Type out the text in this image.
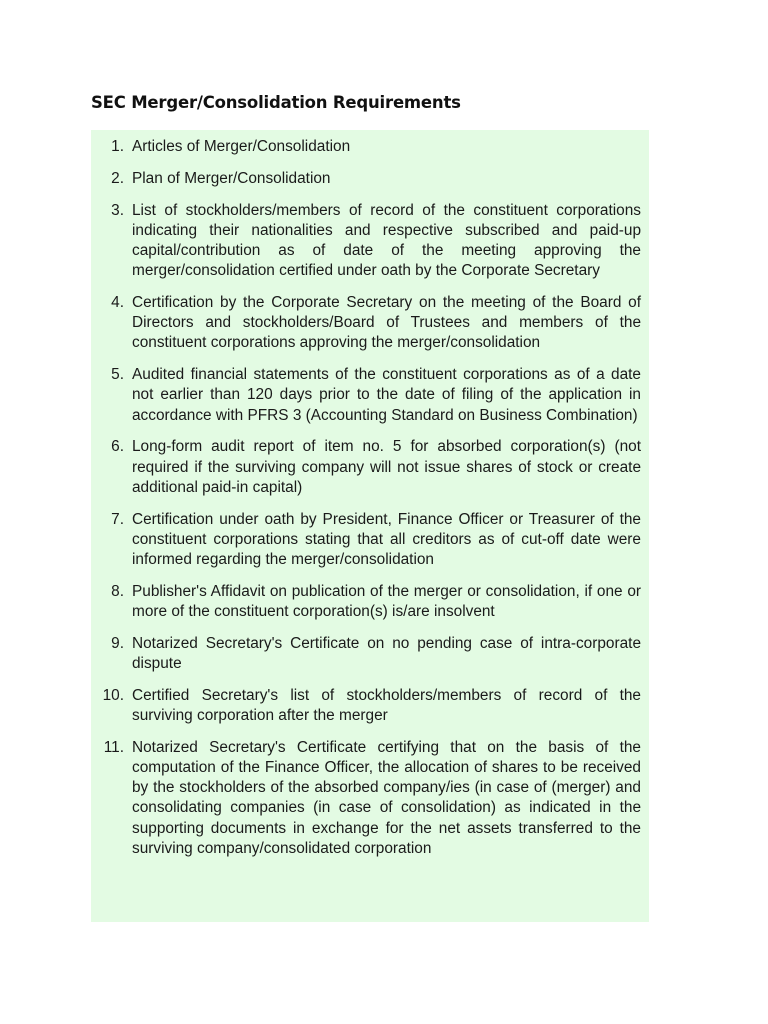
SEC Merger/Consolidation Requirements
1. Articles of Merger/Consolidation
2. Plan of Merger/Consolidation
3. List of stockholders/members of record of the constituent corporations indicating their nationalities and respective subscribed and paid-up capital/contribution as of date of the meeting approving the merger/consolidation certified under oath by the Corporate Secretary
4. Certification by the Corporate Secretary on the meeting of the Board of Directors and stockholders/Board of Trustees and members of the constituent corporations approving the merger/consolidation
5. Audited financial statements of the constituent corporations as of a date not earlier than 120 days prior to the date of filing of the application in accordance with PFRS 3 (Accounting Standard on Business Combination)
6. Long-form audit report of item no. 5 for absorbed corporation(s) (not required if the surviving company will not issue shares of stock or create additional paid-in capital)
7. Certification under oath by President, Finance Officer or Treasurer of the constituent corporations stating that all creditors as of cut-off date were informed regarding the merger/consolidation
8. Publisher's Affidavit on publication of the merger or consolidation, if one or more of the constituent corporation(s) is/are insolvent
9. Notarized Secretary's Certificate on no pending case of intra-corporate dispute
10. Certified Secretary's list of stockholders/members of record of the surviving corporation after the merger
11. Notarized Secretary's Certificate certifying that on the basis of the computation of the Finance Officer, the allocation of shares to be received by the stockholders of the absorbed company/ies (in case of (merger) and consolidating companies (in case of consolidation) as indicated in the supporting documents in exchange for the net assets transferred to the surviving company/consolidated corporation
